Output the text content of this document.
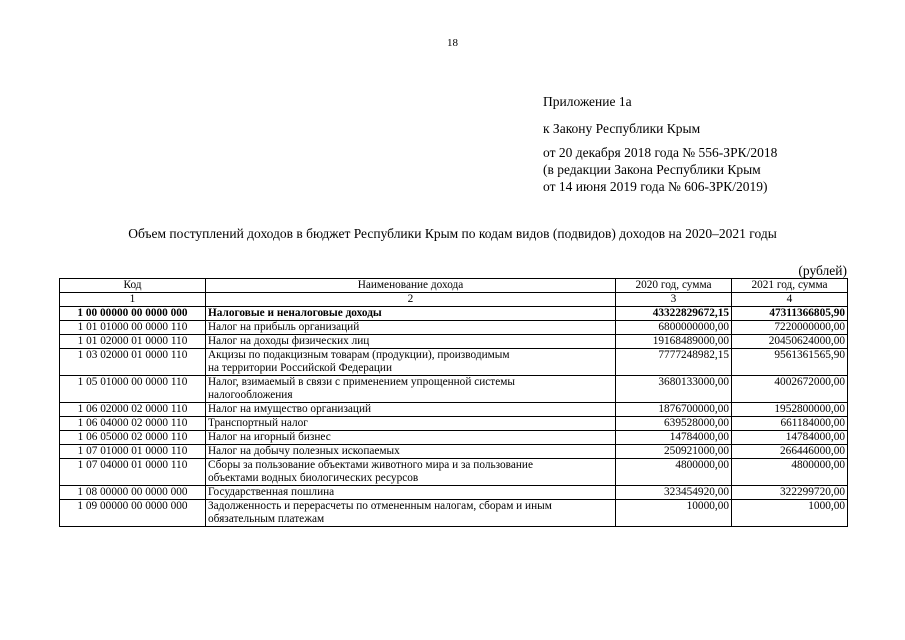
18
Приложение 1а
к Закону Республики Крым
от 20 декабря 2018 года № 556-ЗРК/2018
(в редакции Закона Республики Крым
от 14 июня 2019 года № 606-ЗРК/2019)
Объем поступлений доходов в бюджет Республики Крым по кодам видов (подвидов) доходов на 2020–2021 годы
(рублей)
Код	Наименование дохода	2020 год, сумма	2021 год, сумма
1	2	3	4
1 00 00000 00 0000 000	Налоговые и неналоговые доходы	43322829672,15	47311366805,90
1 01 01000 00 0000 110	Налог на прибыль организаций	6800000000,00	7220000000,00
1 01 02000 01 0000 110	Налог на доходы физических лиц	19168489000,00	20450624000,00
1 03 02000 01 0000 110	Акцизы по подакцизным товарам (продукции), производимым
на территории Российской Федерации	7777248982,15	9561361565,90
1 05 01000 00 0000 110	Налог, взимаемый в связи с применением упрощенной системы
налогообложения	3680133000,00	4002672000,00
1 06 02000 02 0000 110	Налог на имущество организаций	1876700000,00	1952800000,00
1 06 04000 02 0000 110	Транспортный налог	639528000,00	661184000,00
1 06 05000 02 0000 110	Налог на игорный бизнес	14784000,00	14784000,00
1 07 01000 01 0000 110	Налог на добычу полезных ископаемых	250921000,00	266446000,00
1 07 04000 01 0000 110	Сборы за пользование объектами животного мира и за пользование
объектами водных биологических ресурсов	4800000,00	4800000,00
1 08 00000 00 0000 000	Государственная пошлина	323454920,00	322299720,00
1 09 00000 00 0000 000	Задолженность и перерасчеты по отмененным налогам, сборам и иным
обязательным платежам	10000,00	1000,00
